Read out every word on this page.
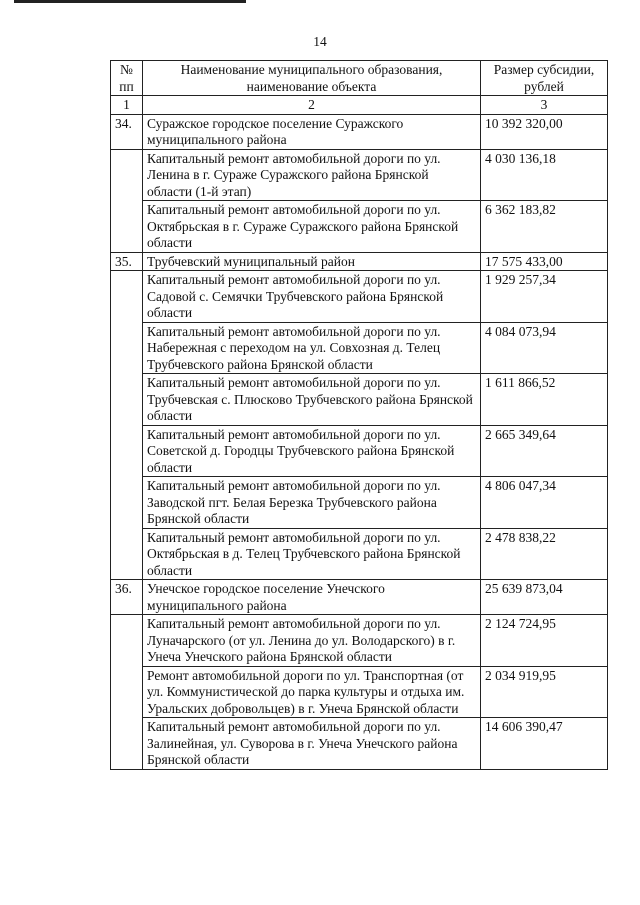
14
№ пп	Наименование муниципального образования, наименование объекта	Размер субсидии, рублей
1	2	3
34.	Суражское городское поселение Суражского муниципального района	10 392 320,00
	Капитальный ремонт автомобильной дороги по ул. Ленина в г. Сураже Суражского района Брянской области (1-й этап)	4 030 136,18
	Капитальный ремонт автомобильной дороги по ул. Октябрьская в г. Сураже Суражского района Брянской области	6 362 183,82
35.	Трубчевский муниципальный район	17 575 433,00
	Капитальный ремонт автомобильной дороги по ул. Садовой с. Семячки Трубчевского района Брянской области	1 929 257,34
	Капитальный ремонт автомобильной дороги по ул. Набережная с переходом на ул. Совхозная д. Телец Трубчевского района Брянской области	4 084 073,94
	Капитальный ремонт автомобильной дороги по ул. Трубчевская с. Плюсково Трубчевского района Брянской области	1 611 866,52
	Капитальный ремонт автомобильной дороги по ул. Советской д. Городцы Трубчевского района Брянской области	2 665 349,64
	Капитальный ремонт автомобильной дороги по ул. Заводской пгт. Белая Березка Трубчевского района Брянской области	4 806 047,34
	Капитальный ремонт автомобильной дороги по ул. Октябрьская в д. Телец Трубчевского района Брянской области	2 478 838,22
36.	Унечское городское поселение Унечского муниципального района	25 639 873,04
	Капитальный ремонт автомобильной дороги по ул. Луначарского (от ул. Ленина до ул. Володарского) в г. Унеча Унечского района Брянской области	2 124 724,95
	Ремонт автомобильной дороги по ул. Транспортная (от ул. Коммунистической до парка культуры и отдыха им. Уральских добровольцев) в г. Унеча Брянской области	2 034 919,95
	Капитальный ремонт автомобильной дороги по ул. Залинейная, ул. Суворова в г. Унеча Унечского района Брянской области	14 606 390,47
